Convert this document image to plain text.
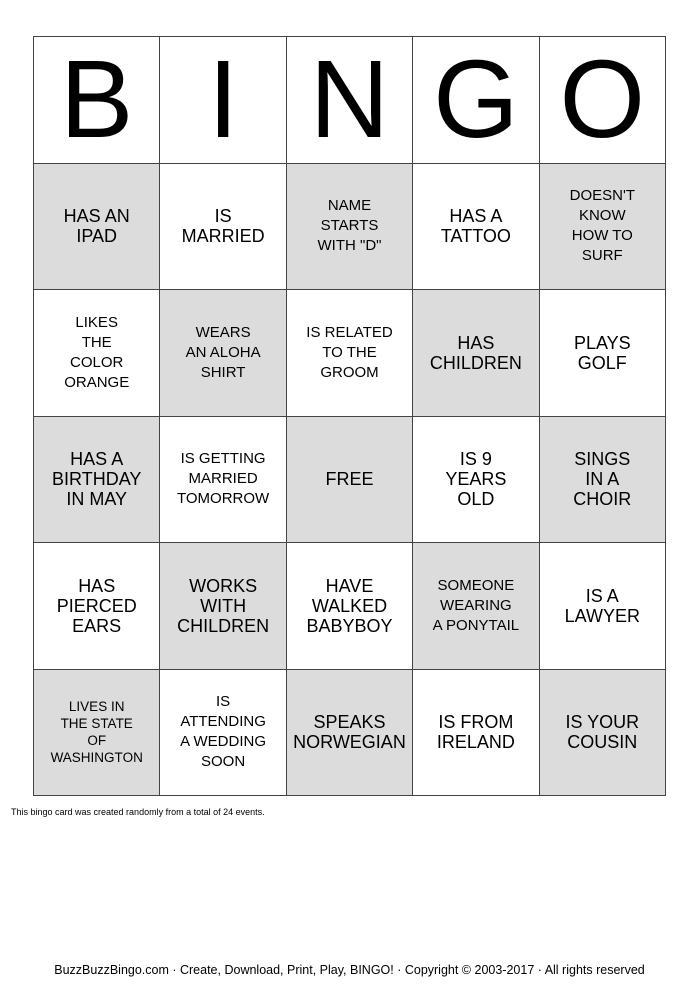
B I N G O
HAS AN
IPAD
IS
MARRIED
NAME
STARTS
WITH "D"
HAS A
TATTOO
DOESN'T
KNOW
HOW TO
SURF
LIKES
THE
COLOR
ORANGE
WEARS
AN ALOHA
SHIRT
IS RELATED
TO THE
GROOM
HAS
CHILDREN
PLAYS
GOLF
HAS A
BIRTHDAY
IN MAY
IS GETTING
MARRIED
TOMORROW
FREE
IS 9
YEARS
OLD
SINGS
IN A
CHOIR
HAS
PIERCED
EARS
WORKS
WITH
CHILDREN
HAVE
WALKED
BABYBOY
SOMEONE
WEARING
A PONYTAIL
IS A
LAWYER
LIVES IN
THE STATE
OF
WASHINGTON
IS
ATTENDING
A WEDDING
SOON
SPEAKS
NORWEGIAN
IS FROM
IRELAND
IS YOUR
COUSIN
This bingo card was created randomly from a total of 24 events.
BuzzBuzzBingo.com · Create, Download, Print, Play, BINGO! · Copyright © 2003-2017 · All rights reserved
